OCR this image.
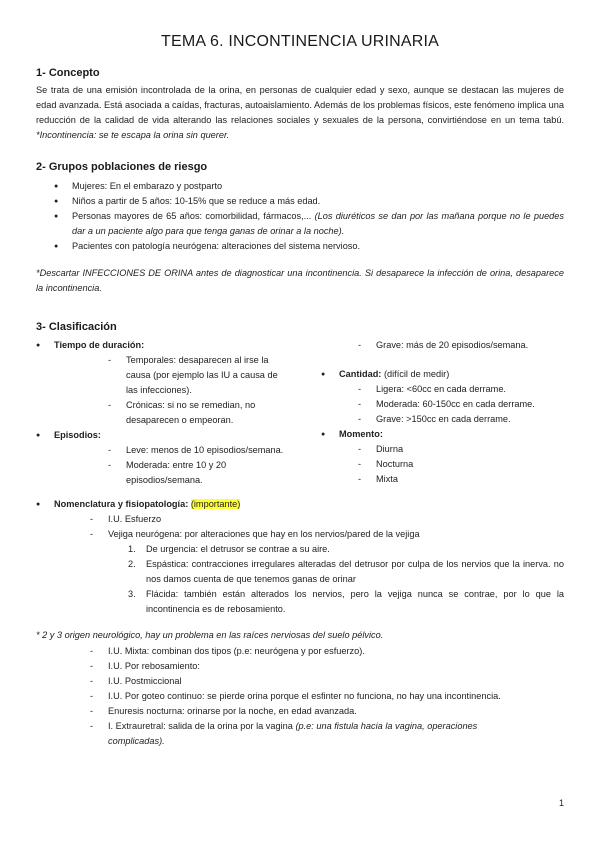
TEMA 6. INCONTINENCIA URINARIA
1- Concepto

Se trata de una emisión incontrolada de la orina, en personas de cualquier edad y sexo, aunque se destacan las mujeres de edad avanzada. Está asociada a caídas, fracturas, autoaislamiento. Además de los problemas físicos, este fenómeno implica una reducción de la calidad de vida alterando las relaciones sociales y sexuales de la persona, convirtiéndose en un tema tabú. *Incontinencia: se te escapa la orina sin querer.

2- Grupos poblaciones de riesgo
● Mujeres: En el embarazo y postparto
● Niños a partir de 5 años: 10-15% que se reduce a más edad.
● Personas mayores de 65 años: comorbilidad, fármacos,... (Los diuréticos se dan por las mañana porque no le puedes dar a un paciente algo para que tenga ganas de orinar a la noche).
● Pacientes con patología neurógena: alteraciones del sistema nervioso.

*Descartar INFECCIONES DE ORINA antes de diagnosticar una incontinencia. Si desaparece la infección de orina, desaparece la incontinencia.

3- Clasificación
● Tiempo de duración:
- Temporales: desaparecen al irse la causa (por ejemplo las IU a causa de las infecciones).
- Crónicas: si no se remedian, no desaparecen o empeoran.
● Episodios:
- Leve: menos de 10 episodios/semana.
- Moderada: entre 10 y 20 episodios/semana.
- Grave: más de 20 episodios/semana.
● Cantidad: (difícil de medir)
- Ligera: <60cc en cada derrame.
- Moderada: 60-150cc en cada derrame.
- Grave: >150cc en cada derrame.
● Momento:
- Diurna
- Nocturna
- Mixta
● Nomenclatura y fisiopatología: (importante)
- I.U. Esfuerzo
- Vejiga neurógena: por alteraciones que hay en los nervios/pared de la vejiga
1. De urgencia: el detrusor se contrae a su aire.
2. Espástica: contracciones irregulares alteradas del detrusor por culpa de los nervios que la inerva. no nos damos cuenta de que tenemos ganas de orinar
3. Flácida: también están alterados los nervios, pero la vejiga nunca se contrae, por lo que la incontinencia es de rebosamiento.

* 2 y 3 origen neurológico, hay un problema en las raíces nerviosas del suelo pélvico.

- I.U. Mixta: combinan dos tipos (p.e: neurógena y por esfuerzo).
- I.U. Por rebosamiento:
- I.U. Postmiccional
- I.U. Por goteo continuo: se pierde orina porque el esfinter no funciona, no hay una incontinencia.
- Enuresis nocturna: orinarse por la noche, en edad avanzada.
- I. Extrauretral: salida de la orina por la vagina (p.e: una fistula hacia la vagina, operaciones complicadas).
1
